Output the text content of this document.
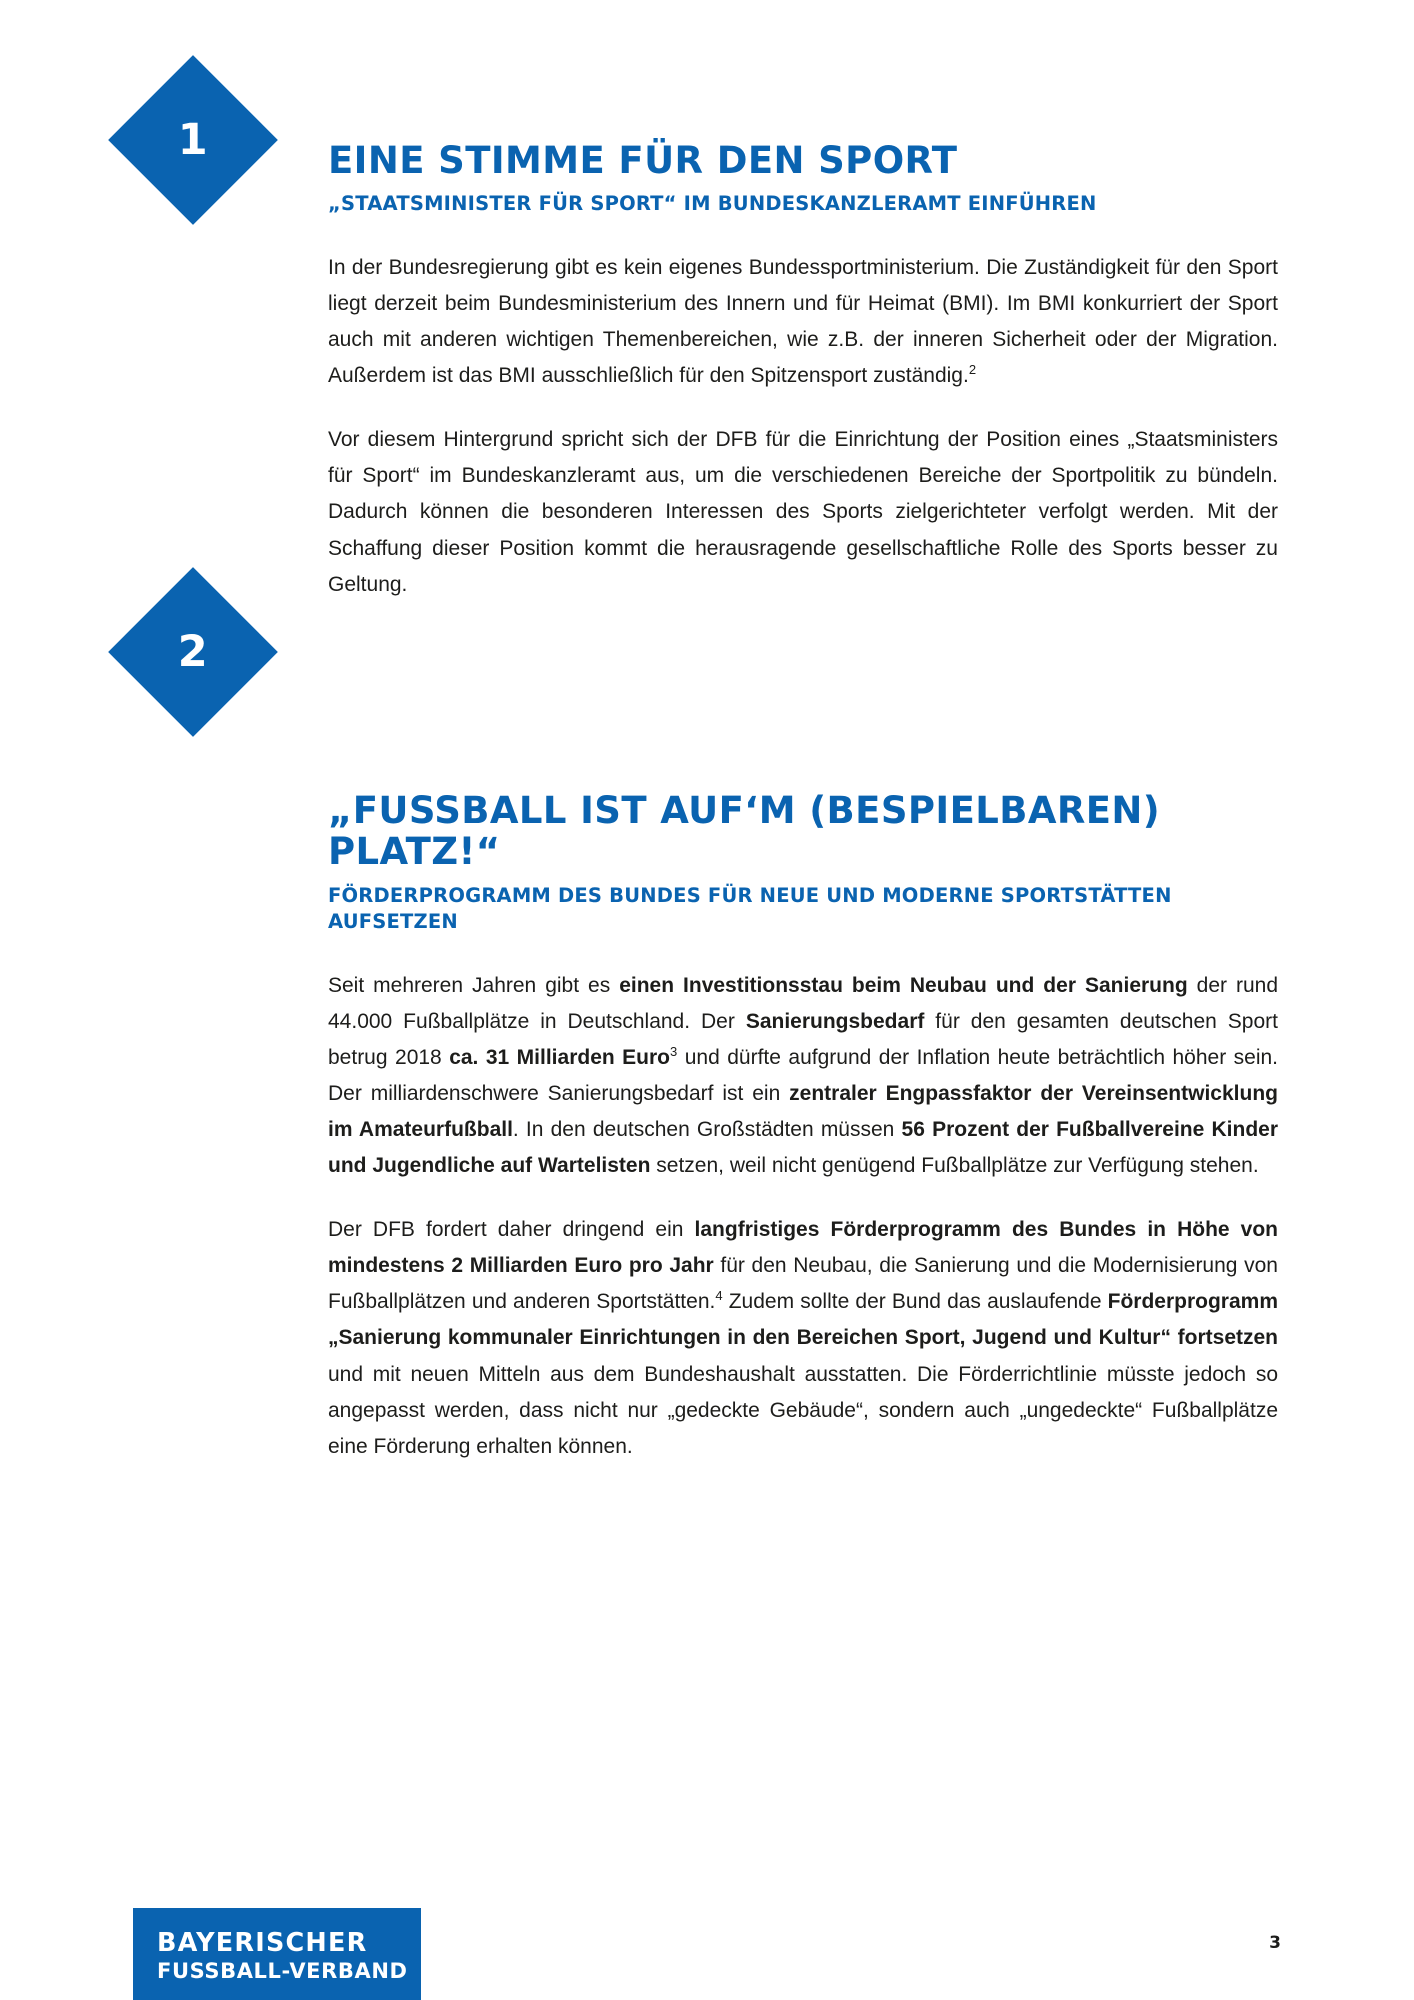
1	EINE STIMME FÜR DEN SPORT
„STAATSMINISTER FÜR SPORT“ IM BUNDESKANZLERAMT EINFÜHREN

In der Bundesregierung gibt es kein eigenes Bundessportministerium. Die Zuständigkeit für den Sport liegt derzeit beim Bundesministerium des Innern und für Heimat (BMI). Im BMI konkurriert der Sport auch mit anderen wichtigen Themenbereichen, wie z.B. der inneren Sicherheit oder der Migration. Außerdem ist das BMI ausschließlich für den Spitzensport zuständig.$^2$

Vor diesem Hintergrund spricht sich der DFB für die Einrichtung der Position eines „Staatsministers für Sport“ im Bundeskanzleramt aus, um die verschiedenen Bereiche der Sportpolitik zu bündeln. Dadurch können die besonderen Interessen des Sports zielgerichteter verfolgt werden. Mit der Schaffung dieser Position kommt die herausragende gesellschaftliche Rolle des Sports besser zu Geltung.

2
„FUSSBALL IST AUF‘M (BESPIELBAREN) PLATZ!“
FÖRDERPROGRAMM DES BUNDES FÜR NEUE UND MODERNE SPORTSTÄTTEN AUFSETZEN

Seit mehreren Jahren gibt es einen Investitionsstau beim Neubau und der Sanierung der rund 44.000 Fußballplätze in Deutschland. Der Sanierungsbedarf für den gesamten deutschen Sport betrug 2018 ca. 31 Milliarden Euro$^3$ und dürfte aufgrund der Inflation heute beträchtlich höher sein. Der milliardenschwere Sanierungsbedarf ist ein zentraler Engpassfaktor der Vereinsentwicklung im Amateurfußball. In den deutschen Großstädten müssen 56 Prozent der Fußballvereine Kinder und Jugendliche auf Wartelisten setzen, weil nicht genügend Fußballplätze zur Verfügung stehen.

Der DFB fordert daher dringend ein langfristiges Förderprogramm des Bundes in Höhe von mindestens 2 Milliarden Euro pro Jahr für den Neubau, die Sanierung und die Modernisierung von Fußballplätzen und anderen Sportstätten.$^4$ Zudem sollte der Bund das auslaufende Förderprogramm „Sanierung kommunaler Einrichtungen in den Bereichen Sport, Jugend und Kultur“ fortsetzen und mit neuen Mitteln aus dem Bundeshaushalt ausstatten. Die Förderrichtlinie müsste jedoch so angepasst werden, dass nicht nur „gedeckte Gebäude“, sondern auch „ungedeckte“ Fußballplätze eine Förderung erhalten können.

BAYERISCHER
FUSSBALL-VERBAND
3
